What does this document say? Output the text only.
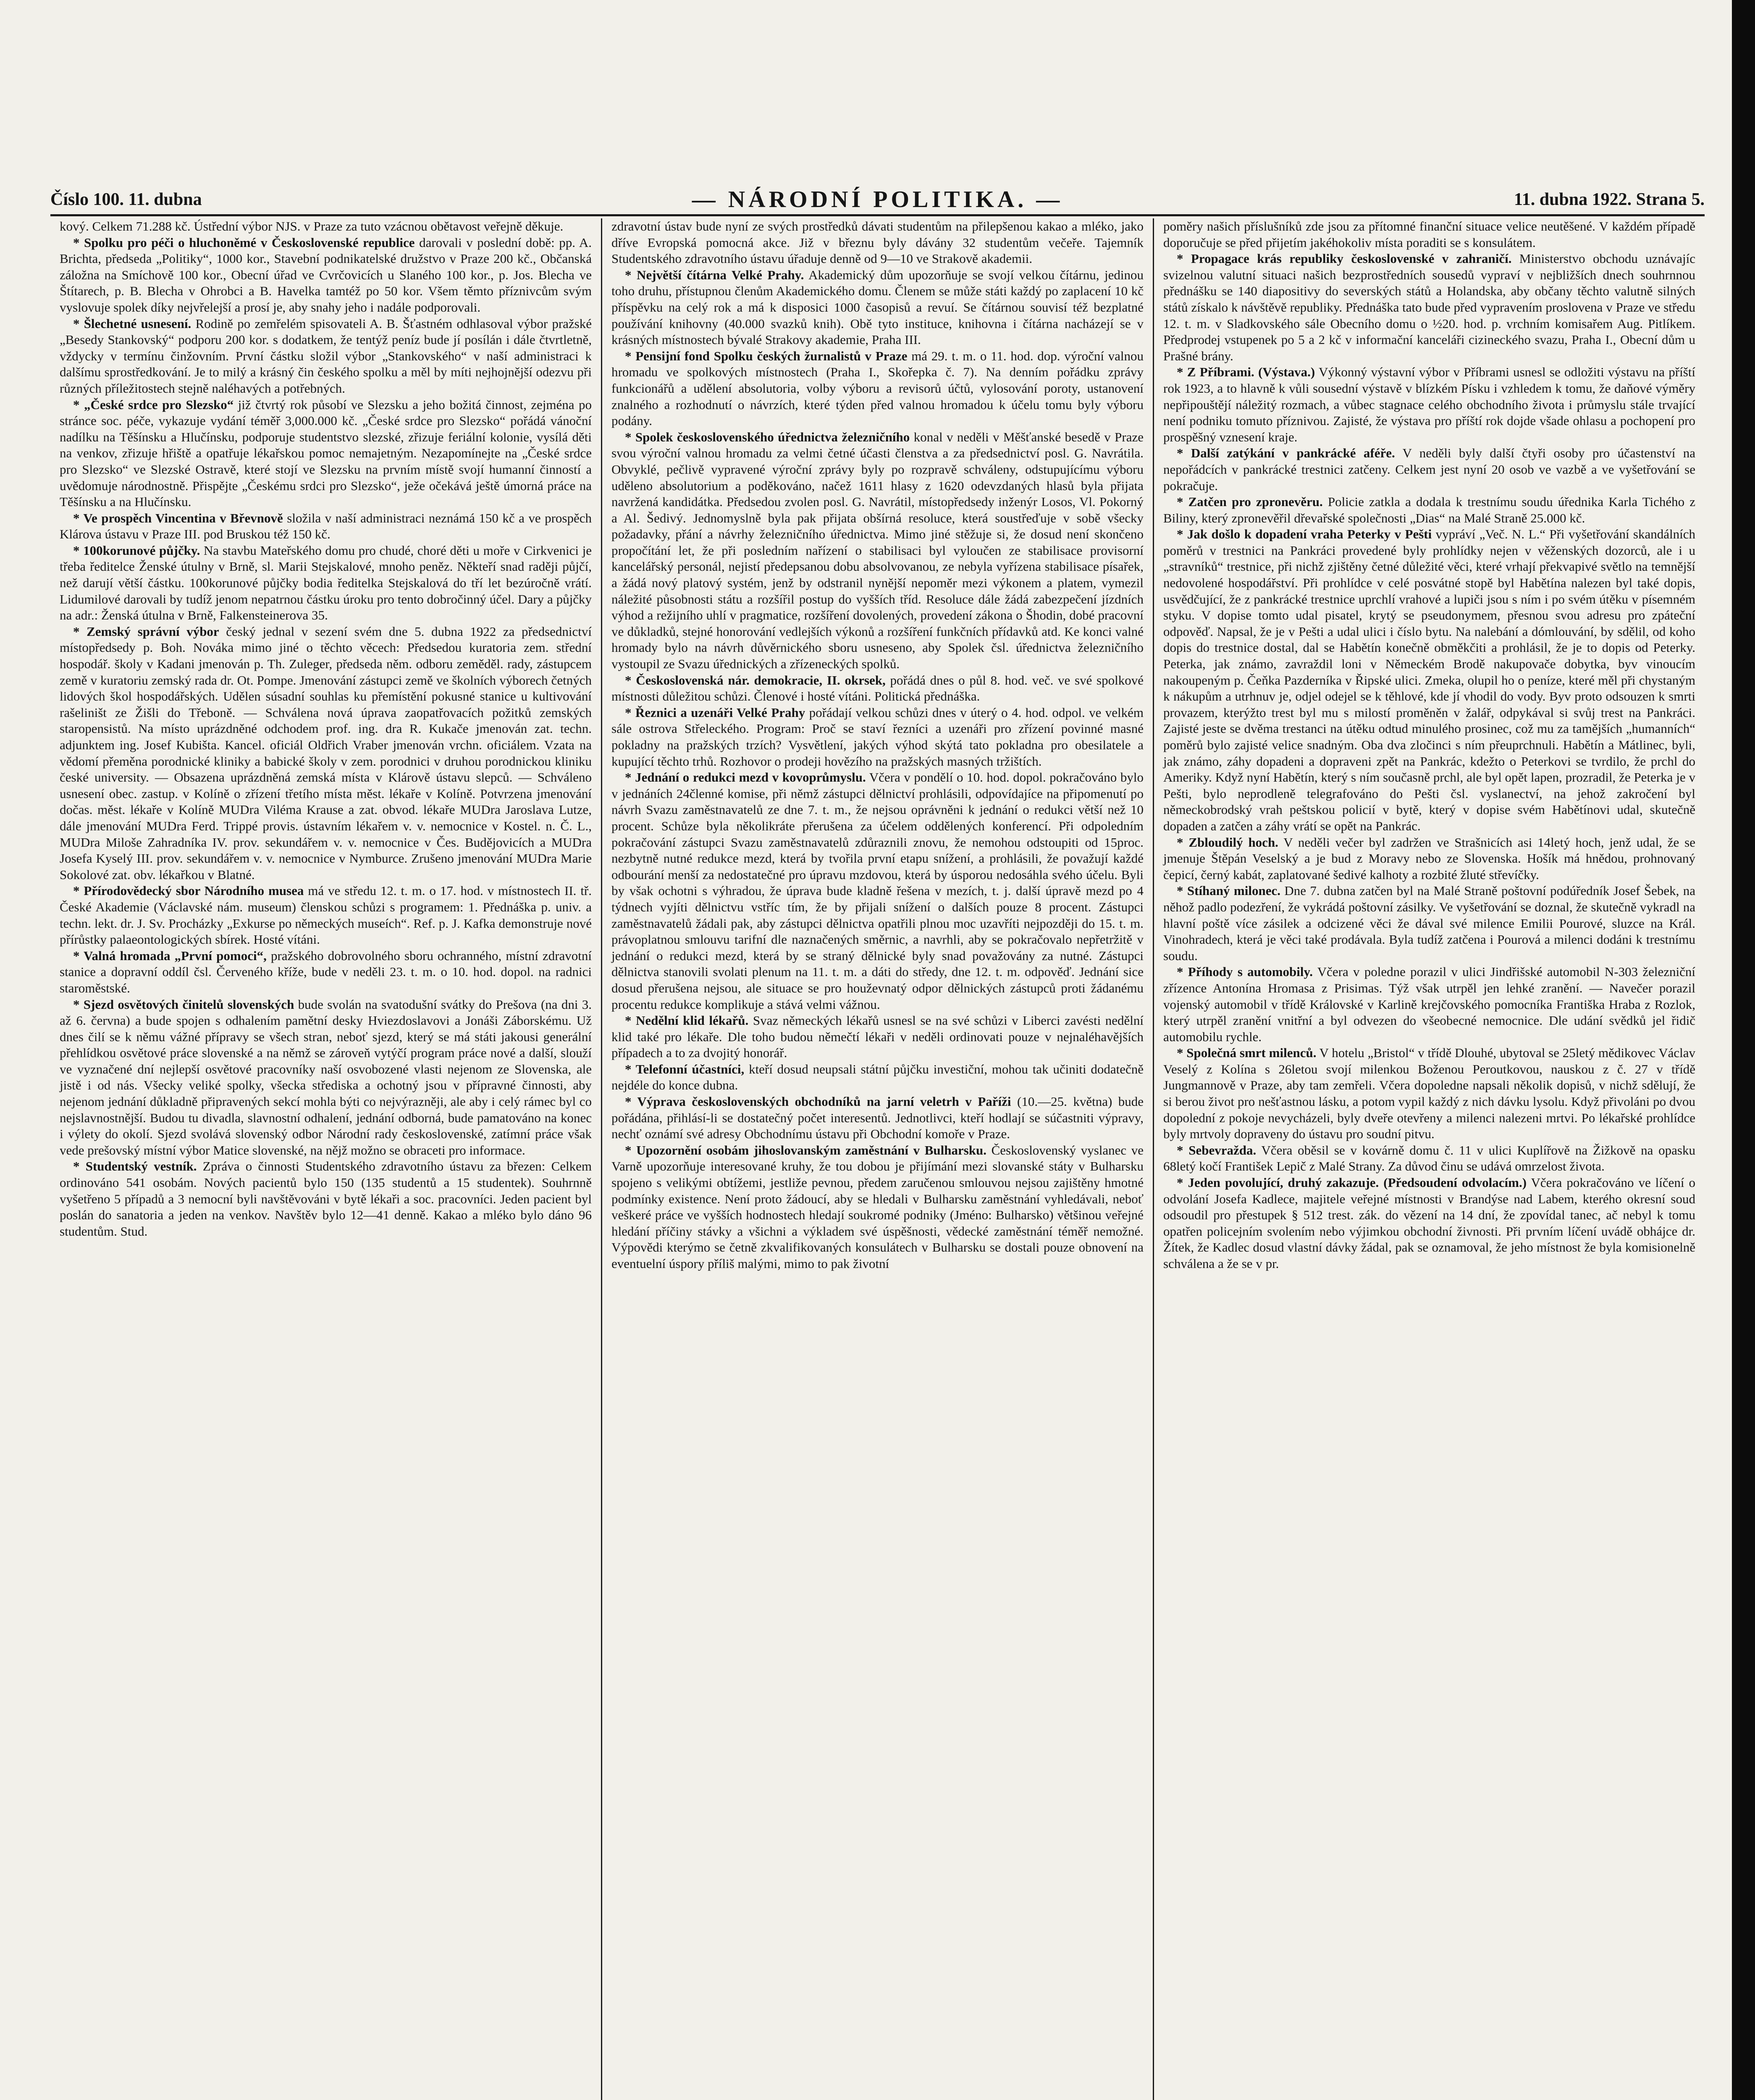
Číslo 100. 11. dubna	— NÁRODNÍ POLITIKA. —	11. dubna 1922. Strana 5.

kový. Celkem 71.288 kč. Ústřední výbor NJS. v Praze za tuto vzácnou obětavost veřejně děkuje.

* Spolku pro péči o hluchoněmé v Československé republice darovali v poslední době: pp. A. Brichta, předseda „Politiky“, 1000 kor., Stavební podnikatelské družstvo v Praze 200 kč., Občanská záložna na Smíchově 100 kor., Obecní úřad ve Cvrčovicích u Slaného 100 kor., p. Jos. Blecha ve Štítarech, p. B. Blecha v Ohrobci a B. Havelka tamtéž po 50 kor. Všem těmto příznivcům svým vyslovuje spolek díky nejvřelejší a prosí je, aby snahy jeho i nadále podporovali.

* Šlechetné usnesení. Rodině po zemřelém spisovateli A. B. Šťastném odhlasoval výbor pražské „Besedy Stankovský“ podporu 200 kor. s dodatkem, že tentýž peníz bude jí posílán i dále čtvrtletně, vždycky v termínu činžovním. První částku složil výbor „Stankovského“ v naší administraci k dalšímu sprostředkování. Je to milý a krásný čin českého spolku a měl by míti nejhojnější odezvu při různých příležitostech stejně naléhavých a potřebných.

* „České srdce pro Slezsko“ již čtvrtý rok působí ve Slezsku a jeho božitá činnost, zejména po stránce soc. péče, vykazuje vydání téměř 3,000.000 kč. „České srdce pro Slezsko“ pořádá vánoční nadílku na Těšínsku a Hlučínsku, podporuje studentstvo slezské, zřizuje feriální kolonie, vysílá děti na venkov, zřizuje hřiště a opatřuje lékařskou pomoc nemajetným. Nezapomínejte na „České srdce pro Slezsko“ ve Slezské Ostravě, které stojí ve Slezsku na prvním místě svojí humanní činností a uvědomuje národnostně. Přispějte „Českému srdci pro Slezsko“, ježe očekává ještě úmorná práce na Těšínsku a na Hlučínsku.

* Ve prospěch Vincentina v Břevnově složila v naší administraci neznámá 150 kč a ve prospěch Klárova ústavu v Praze III. pod Bruskou též 150 kč.

* 100korunové půjčky. Na stavbu Mateřského domu pro chudé, choré děti u moře v Cirkvenici je třeba ředitelce Ženské útulny v Brně, sl. Marii Stejskalové, mnoho peněz. Někteří snad raději půjčí, než darují větší částku. 100korunové půjčky bodia ředitelka Stejskalová do tří let bezúročně vrátí. Lidumilové darovali by tudíž jenom nepatrnou částku úroku pro tento dobročinný účel. Dary a půjčky na adr.: Ženská útulna v Brně, Falkensteinerova 35.

* Zemský správní výbor český jednal v sezení svém dne 5. dubna 1922 za předsednictví místopředsedy p. Boh. Nováka mimo jiné o těchto věcech: Předsedou kuratoria zem. střední hospodář. školy v Kadani jmenován p. Th. Zuleger, předseda něm. odboru zeměděl. rady, zástupcem země v kuratoriu zemský rada dr. Ot. Pompe. Jmenování zástupci země ve školních výborech četných lidových škol hospodářských. Udělen súsadní souhlas ku přemístění pokusné stanice u kultivování rašeliništ ze Žišli do Třeboně. — Schválena nová úprava zaopatřovacích požitků zemských staropensistů. Na místo uprázdněné odchodem prof. ing. dra R. Kukače jmenován zat. techn. adjunktem ing. Josef Kubišta. Kancel. oficiál Oldřich Vraber jmenován vrchn. oficiálem. Vzata na vědomí přeměna porodnické kliniky a babické školy v zem. porodnici v druhou porodnickou kliniku české university. — Obsazena uprázdněná zemská místa v Klárově ústavu slepců. — Schváleno usnesení obec. zastup. v Kolíně o zřízení třetího místa měst. lékaře v Kolíně. Potvrzena jmenování dočas. měst. lékaře v Kolíně MUDra Viléma Krause a zat. obvod. lékaře MUDra Jaroslava Lutze, dále jmenování MUDra Ferd. Trippé provis. ústavním lékařem v. v. nemocnice v Kostel. n. Č. L., MUDra Miloše Zahradníka IV. prov. sekundářem v. v. nemocnice v Čes. Budějovicích a MUDra Josefa Kyselý III. prov. sekundářem v. v. nemocnice v Nymburce. Zrušeno jmenování MUDra Marie Sokolové zat. obv. lékařkou v Blatné.

* Přírodovědecký sbor Národního musea má ve středu 12. t. m. o 17. hod. v místnostech II. tř. České Akademie (Václavské nám. museum) členskou schůzi s programem: 1. Přednáška p. univ. a techn. lekt. dr. J. Sv. Procházky „Exkurse po německých museích“. Ref. p. J. Kafka demonstruje nové přírůstky palaeontologických sbírek. Hosté vítáni.

* Valná hromada „První pomoci“, pražského dobrovolného sboru ochranného, místní zdravotní stanice a dopravní oddíl čsl. Červeného kříže, bude v neděli 23. t. m. o 10. hod. dopol. na radnici staroměstské.

* Sjezd osvětových činitelů slovenských bude svolán na svatodušní svátky do Prešova (na dni 3. až 6. června) a bude spojen s odhalením pamětní desky Hviezdoslavovi a Jonáši Záborskému. Už dnes čilí se k němu vážné přípravy se všech stran, neboť sjezd, který se má státi jakousi generální přehlídkou osvětové práce slovenské a na němž se zároveň vytýčí program práce nové a další, slouží ve vyznačené dní nejlepší osvětové pracovníky naší osvobozené vlasti nejenom ze Slovenska, ale jistě i od nás. Všecky veliké spolky, všecka střediska a ochotný jsou v přípravné činnosti, aby nejenom jednání důkladně připravených sekcí mohla býti co nejvýrazněji, ale aby i celý rámec byl co nejslavnostnější. Budou tu divadla, slavnostní odhalení, jednání odborná, bude pamatováno na konec i výlety do okolí. Sjezd svolává slovenský odbor Národní rady československé, zatímní práce však vede prešovský místní výbor Matice slovenské, na nějž možno se obraceti pro informace.

* Studentský vestník. Zpráva o činnosti Studentského zdravotního ústavu za březen: Celkem ordinováno 541 osobám. Nových pacientů bylo 150 (135 studentů a 15 studentek). Souhrnně vyšetřeno 5 případů a 3 nemocní byli navštěvováni v bytě lékaři a soc. pracovníci. Jeden pacient byl poslán do sanatoria a jeden na venkov. Navštěv bylo 12—41 denně. Kakao a mléko bylo dáno 96 studentům. Stud.

zdravotní ústav bude nyní ze svých prostředků dávati studentům na přilepšenou kakao a mléko, jako dříve Evropská pomocná akce. Již v březnu byly dávány 32 studentům večeře. Tajemník Studentského zdravotního ústavu úřaduje denně od 9—10 ve Strakově akademii.

* Největší čítárna Velké Prahy. Akademický dům upozorňuje se svojí velkou čítárnu, jedinou toho druhu, přístupnou členům Akademického domu. Členem se může státi každý po zaplacení 10 kč příspěvku na celý rok a má k disposici 1000 časopisů a revuí. Se čítárnou souvisí též bezplatné používání knihovny (40.000 svazků knih). Obě tyto instituce, knihovna i čítárna nacházejí se v krásných místnostech bývalé Strakovy akademie, Praha III.

* Pensijní fond Spolku českých žurnalistů v Praze má 29. t. m. o 11. hod. dop. výroční valnou hromadu ve spolkových místnostech (Praha I., Skořepka č. 7). Na denním pořádku zprávy funkcionářů a udělení absolutoria, volby výboru a revisorů účtů, vylosování poroty, ustanovení znalného a rozhodnutí o návrzích, které týden před valnou hromadou k účelu tomu byly výboru podány.

* Spolek československého úřednictva železničního konal v neděli v Měšťanské besedě v Praze svou výroční valnou hromadu za velmi četné účasti členstva a za předsednictví posl. G. Navrátila. Obvyklé, pečlivě vypravené výroční zprávy byly po rozpravě schváleny, odstupujícímu výboru uděleno absolutorium a poděkováno, načež 1611 hlasy z 1620 odevzdaných hlasů byla přijata navržená kandidátka. Předsedou zvolen posl. G. Navrátil, místopředsedy inženýr Losos, Vl. Pokorný a Al. Šedivý. Jednomyslně byla pak přijata obšírná resoluce, která soustřeďuje v sobě všecky požadavky, přání a návrhy železničního úřednictva. Mimo jiné stěžuje si, že dosud není skončeno propočítání let, že při posledním nařízení o stabilisaci byl vyloučen ze stabilisace provisorní kancelářský personál, nejistí předepsanou dobu absolvovanou, ze nebyla vyřízena stabilisace písařek, a žádá nový platový systém, jenž by odstranil nynější nepoměr mezi výkonem a platem, vymezil náležité působnosti státu a rozšířil postup do vyšších tříd. Resoluce dále žádá zabezpečení jízdních výhod a režijního uhlí v pragmatice, rozšíření dovolených, provedení zákona o Šhodin, dobé pracovní ve důkladků, stejné honorování vedlejších výkonů a rozšíření funkčních přídavků atd. Ke konci valné hromady bylo na návrh důvěrnického sboru usneseno, aby Spolek čsl. úřednictva železničního vystoupil ze Svazu úřednických a zřízeneckých spolků.

* Československá nár. demokracie, II. okrsek, pořádá dnes o půl 8. hod. več. ve své spolkové místnosti důležitou schůzi. Členové i hosté vítáni. Politická přednáška.

* Řeznici a uzenáři Velké Prahy pořádají velkou schůzi dnes v úterý o 4. hod. odpol. ve velkém sále ostrova Střeleckého. Program: Proč se staví řezníci a uzenáři pro zřízení povinné masné pokladny na pražských trzích? Vysvětlení, jakých výhod skýtá tato pokladna pro obesilatele a kupující těchto trhů. Rozhovor o prodeji hovězího na pražských masných tržištích.

* Jednání o redukci mezd v kovoprůmyslu. Včera v pondělí o 10. hod. dopol. pokračováno bylo v jednáních 24členné komise, při němž zástupci dělnictví prohlásili, odpovídajíce na připomenutí po návrh Svazu zaměstnavatelů ze dne 7. t. m., že nejsou oprávněni k jednání o redukci větší než 10 procent. Schůze byla několikráte přerušena za účelem oddělených konferencí. Při odpoledním pokračování zástupci Svazu zaměstnavatelů zdůraznili znovu, že nemohou odstoupiti od 15proc. nezbytně nutné redukce mezd, která by tvořila první etapu snížení, a prohlásili, že považují každé odbourání menší za nedostatečné pro úpravu mzdovou, která by úsporou nedosáhla svého účelu. Byli by však ochotni s výhradou, že úprava bude kladně řešena v mezích, t. j. další úpravě mezd po 4 týdnech vyjíti dělnictvu vstříc tím, že by přijali snížení o dalších pouze 8 procent. Zástupci zaměstnavatelů žádali pak, aby zástupci dělnictva opatřili plnou moc uzavříti nejpozději do 15. t. m. právoplatnou smlouvu tarifní dle naznačených směrnic, a navrhli, aby se pokračovalo nepřetržitě v jednání o redukci mezd, která by se straný dělnické byly snad považovány za nutné. Zástupci dělnictva stanovili svolati plenum na 11. t. m. a dáti do středy, dne 12. t. m. odpověď. Jednání sice dosud přerušena nejsou, ale situace se pro houževnatý odpor dělnických zástupců proti žádanému procentu redukce komplikuje a stává velmi vážnou.

* Nedělní klid lékařů. Svaz německých lékařů usnesl se na své schůzi v Liberci zavésti nedělní klid také pro lékaře. Dle toho budou němečtí lékaři v neděli ordinovati pouze v nejnaléhavějších případech a to za dvojitý honorář.

* Telefonní účastníci, kteří dosud neupsali státní půjčku investiční, mohou tak učiniti dodatečně nejdéle do konce dubna.

* Výprava československých obchodníků na jarní veletrh v Paříži (10.—25. května) bude pořádána, přihlásí-li se dostatečný počet interesentů. Jednotlivci, kteří hodlají se súčastniti výpravy, nechť oznámí své adresy Obchodnímu ústavu při Obchodní komoře v Praze.

* Upozornění osobám jihoslovanským zaměstnání v Bulharsku. Československý vyslanec ve Varně upozorňuje interesované kruhy, že tou dobou je přijímání mezi slovanské státy v Bulharsku spojeno s velikými obtížemi, jestliže pevnou, předem zaručenou smlouvou nejsou zajištěny hmotné podmínky existence. Není proto žádoucí, aby se hledali v Bulharsku zaměstnání vyhledávali, neboť veškeré práce ve vyšších hodnostech hledají soukromé podniky (Jméno: Bulharsko) většinou veřejné hledání příčiny stávky a všichni a výkladem své úspěšnosti, vědecké zaměstnání téměř nemožné. Výpovědi kterýmo se četně zkvalifikovaných konsulátech v Bulharsku se dostali pouze obnovení na eventuelní úspory příliš malými, mimo to pak životní

poměry našich příslušníků zde jsou za přítomné finanční situace velice neutěšené. V každém případě doporučuje se před přijetím jakéhokoliv místa poraditi se s konsulátem.

* Propagace krás republiky československé v zahraničí. Ministerstvo obchodu uznávajíc svizelnou valutní situaci našich bezprostředních sousedů vypraví v nejbližších dnech souhrnnou přednášku se 140 diapositivy do severských států a Holandska, aby občany těchto valutně silných států získalo k návštěvě republiky. Přednáška tato bude před vypravením proslovena v Praze ve středu 12. t. m. v Sladkovského sále Obecního domu o ½20. hod. p. vrchním komisařem Aug. Pitlíkem. Předprodej vstupenek po 5 a 2 kč v informační kanceláři cizineckého svazu, Praha I., Obecní dům u Prašné brány.

* Z Příbrami. (Výstava.) Výkonný výstavní výbor v Příbrami usnesl se odložiti výstavu na příští rok 1923, a to hlavně k vůli sousední výstavě v blízkém Písku i vzhledem k tomu, že daňové výměry nepřipouštějí náležitý rozmach, a vůbec stagnace celého obchodního života i průmyslu stále trvající není podniku tomuto příznivou. Zajisté, že výstava pro příští rok dojde všade ohlasu a pochopení pro prospěšný vznesení kraje.

* Další zatýkání v pankrácké aféře. V neděli byly další čtyři osoby pro účastenství na nepořádcích v pankrácké trestnici zatčeny. Celkem jest nyní 20 osob ve vazbě a ve vyšetřování se pokračuje.

* Zatčen pro zpronevěru. Policie zatkla a dodala k trestnímu soudu úřednika Karla Tichého z Biliny, který zpronevěřil dřevařské společnosti „Dias“ na Malé Straně 25.000 kč.

* Jak došlo k dopadení vraha Peterky v Pešti vypráví „Več. N. L.“ Při vyšetřování skandálních poměrů v trestnici na Pankráci provedené byly prohlídky nejen v věženských dozorců, ale i u „stravníků“ trestnice, při nichž zjištěny četné důležité věci, které vrhají překvapivé světlo na temnější nedovolené hospodářství. Při prohlídce v celé posvátné stopě byl Habětína nalezen byl také dopis, usvědčující, že z pankrácké trestnice uprchlí vrahové a lupiči jsou s ním i po svém útěku v písemném styku. V dopise tomto udal pisatel, krytý se pseudonymem, přesnou svou adresu pro zpáteční odpověď. Napsal, že je v Pešti a udal ulici i číslo bytu. Na nalebání a dómlouvání, by sdělil, od koho dopis do trestnice dostal, dal se Habětín konečně obměkčiti a prohlásil, že je to dopis od Peterky. Peterka, jak známo, zavraždil loni v Německém Brodě nakupovače dobytka, byv vinoucím nakoupeným p. Čeňka Pazderníka v Řipské ulici. Zmeka, olupil ho o peníze, které měl při chystaným k nákupům a utrhnuv je, odjel odejel se k těhlové, kde jí vhodil do vody. Byv proto odsouzen k smrti provazem, kterýžto trest byl mu s milostí proměněn v žalář, odpykával si svůj trest na Pankráci. Zajisté jeste se dvěma trestanci na útěku odtud minulého prosinec, což mu za tamějších „humanních“ poměrů bylo zajisté velice snadným. Oba dva zločinci s ním přeuprchnuli. Habětín a Mátlinec, byli, jak známo, záhy dopadeni a dopraveni zpět na Pankrác, kdežto o Peterkovi se tvrdilo, že prchl do Ameriky. Když nyní Habětín, který s ním současně prchl, ale byl opět lapen, prozradil, že Peterka je v Pešti, bylo neprodleně telegrafováno do Pešti čsl. vyslanectví, na jehož zakročení byl německobrodský vrah peštskou policií v bytě, který v dopise svém Habětínovi udal, skutečně dopaden a zatčen a záhy vrátí se opět na Pankrác.

* Zbloudilý hoch. V neděli večer byl zadržen ve Strašnicích asi 14letý hoch, jenž udal, že se jmenuje Štěpán Veselský a je bud z Moravy nebo ze Slovenska. Hošík má hnědou, prohnovaný čepicí, černý kabát, zaplatované šedivé kalhoty a rozbité žluté střevíčky.

* Stíhaný milonec. Dne 7. dubna zatčen byl na Malé Straně poštovní podúředník Josef Šebek, na něhož padlo podezření, že vykrádá poštovní zásilky. Ve vyšetřování se doznal, že skutečně vykradl na hlavní poště více zásilek a odcizené věci že dával své milence Emilii Pourové, sluzce na Král. Vinohradech, která je věci také prodávala. Byla tudíž zatčena i Pourová a milenci dodáni k trestnímu soudu.

* Příhody s automobily. Včera v poledne porazil v ulici Jindřišské automobil N-303 železniční zřízence Antonína Hromasa z Prisimas. Týž však utrpěl jen lehké zranění. — Navečer porazil vojenský automobil v třídě Královské v Karlině krejčovského pomocníka Františka Hraba z Rozlok, který utrpěl zranění vnitřní a byl odvezen do všeobecné nemocnice. Dle udání svědků jel řidič automobilu rychle.

* Společná smrt milenců. V hotelu „Bristol“ v třídě Dlouhé, ubytoval se 25letý mědikovec Václav Veselý z Kolína s 26letou svojí milenkou Boženou Peroutkovou, nauskou z č. 27 v třídě Jungmannově v Praze, aby tam zemřeli. Včera dopoledne napsali několik dopisů, v nichž sdělují, že si berou život pro nešťastnou lásku, a potom vypil každý z nich dávku lysolu. Když přivoláni po dvou dopolední z pokoje nevycházeli, byly dveře otevřeny a milenci nalezeni mrtvi. Po lékařské prohlídce byly mrtvoly dopraveny do ústavu pro soudní pitvu.

* Sebevražda. Včera oběsil se v kovárně domu č. 11 v ulici Kuplířově na Žižkově na opasku 68letý kočí František Lepič z Malé Strany. Za důvod činu se udává omrzelost života.

* Jeden povolující, druhý zakazuje. (Předsoudení odvolacím.) Včera pokračováno ve líčení o odvolání Josefa Kadlece, majitele veřejné místnosti v Brandýse nad Labem, kterého okresní soud odsoudil pro přestupek § 512 trest. zák. do vězení na 14 dní, že zpovídal tanec, ač nebyl k tomu opatřen policejním svolením nebo výjimkou obchodní živnosti. Při prvním líčení uvádě obhájce dr. Žítek, že Kadlec dosud vlastní dávky žádal, pak se oznamoval, že jeho místnost že byla komisionelně schválena a že se v pr.
